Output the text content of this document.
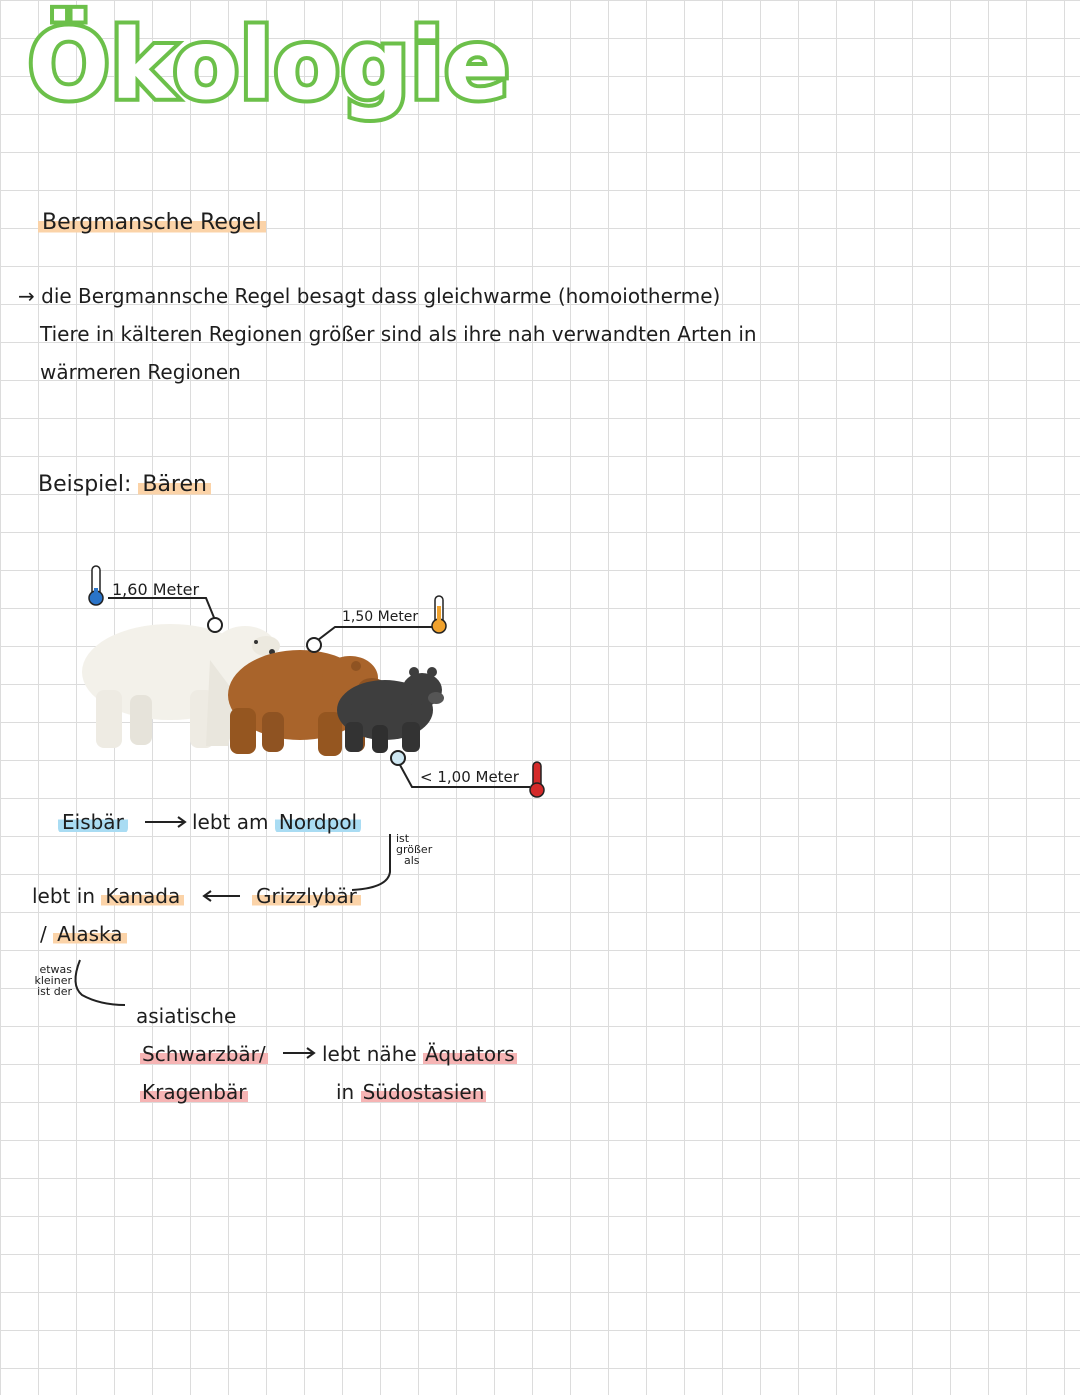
Ökologie
Bergmansche Regel
→ die Bergmannsche Regel besagt dass gleichwarme (homoiotherme)
Tiere in kälteren Regionen größer sind als ihre nah verwandten Arten in
wärmeren Regionen
Beispiel: Bären
1,60 Meter
1,50 Meter
< 1,00 Meter
Eisbär	lebt am Nordpol
ist
größer
als
Grizzlybär
lebt in Kanada
/ Alaska
etwas
kleiner
ist der
asiatische
Schwarzbär/
Kragenbär
lebt nähe Äquators
in Südostasien
